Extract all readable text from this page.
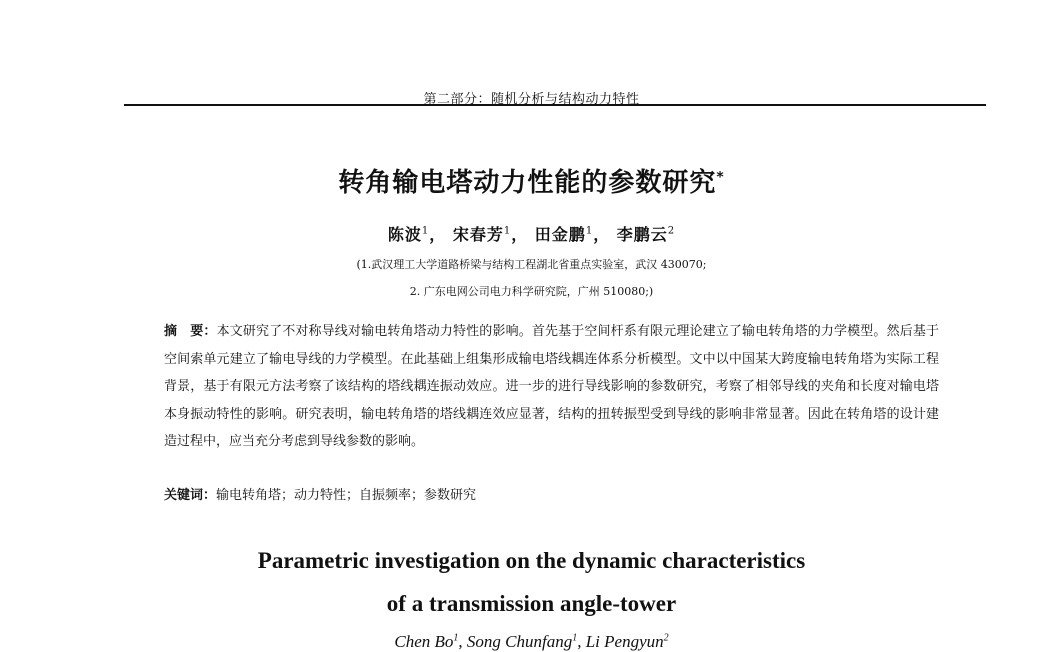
第二部分：随机分析与结构动力特性
转角输电塔动力性能的参数研究*
陈波$^1$， 宋春芳$^1$， 田金鹏$^1$， 李鹏云$^2$
(1.武汉理工大学道路桥梁与结构工程湖北省重点实验室，武汉 430070;
2. 广东电网公司电力科学研究院，广州 510080;)
摘　要：本文研究了不对称导线对输电转角塔动力特性的影响。首先基于空间杆系有限元理论建立了输电转角塔的力学模型。然后基于空间索单元建立了输电导线的力学模型。在此基础上组集形成输电塔线耦连体系分析模型。文中以中国某大跨度输电转角塔为实际工程背景，基于有限元方法考察了该结构的塔线耦连振动效应。进一步的进行导线影响的参数研究，考察了相邻导线的夹角和长度对输电塔本身振动特性的影响。研究表明，输电转角塔的塔线耦连效应显著，结构的扭转振型受到导线的影响非常显著。因此在转角塔的设计建造过程中，应当充分考虑到导线参数的影响。
关键词：输电转角塔；动力特性；自振频率；参数研究
Parametric investigation on the dynamic characteristics
of a transmission angle-tower
Chen Bo$^1$, Song Chunfang$^1$, Li Pengyun$^2$
